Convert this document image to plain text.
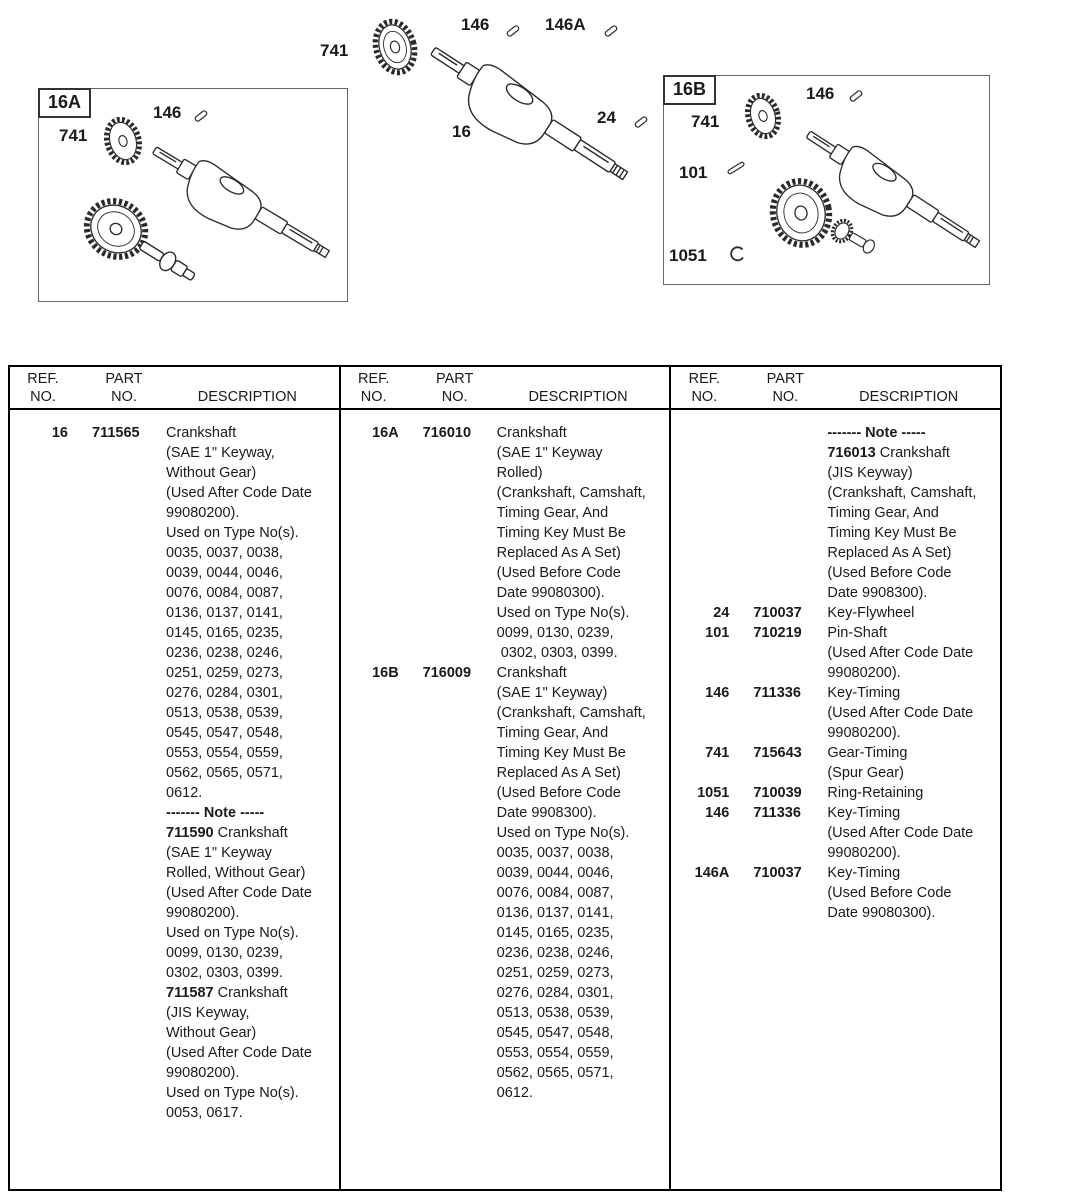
741
146	146A
16
24
16A
741
146
16B	146
741
101
1051
REF.
NO.
PART
NO.	DESCRIPTION
16 711565	Crankshaft
(SAE 1" Keyway,
Without Gear)
(Used After Code Date
99080200).
Used on Type No(s).
0035, 0037, 0038,
0039, 0044, 0046,
0076, 0084, 0087,
0136, 0137, 0141,
0145, 0165, 0235,
0236, 0238, 0246,
0251, 0259, 0273,
0276, 0284, 0301,
0513, 0538, 0539,
0545, 0547, 0548,
0553, 0554, 0559,
0562, 0565, 0571,
0612.
------- Note -----
711590 Crankshaft
(SAE 1" Keyway
Rolled, Without Gear)
(Used After Code Date
99080200).
Used on Type No(s).
0099, 0130, 0239,
0302, 0303, 0399.
711587 Crankshaft
(JIS Keyway,
Without Gear)
(Used After Code Date
99080200).
Used on Type No(s).
0053, 0617.
REF.
NO.
PART
NO.	DESCRIPTION
16A 716010	Crankshaft
(SAE 1" Keyway
Rolled)
(Crankshaft, Camshaft,
Timing Gear, And
Timing Key Must Be
Replaced As A Set)
(Used Before Code
Date 99080300).
Used on Type No(s).
0099, 0130, 0239,
0302, 0303, 0399.
16B 716009	Crankshaft
(SAE 1" Keyway)
(Crankshaft, Camshaft,
Timing Gear, And
Timing Key Must Be
Replaced As A Set)
(Used Before Code
Date 9908300).
Used on Type No(s).
0035, 0037, 0038,
0039, 0044, 0046,
0076, 0084, 0087,
0136, 0137, 0141,
0145, 0165, 0235,
0236, 0238, 0246,
0251, 0259, 0273,
0276, 0284, 0301,
0513, 0538, 0539,
0545, 0547, 0548,
0553, 0554, 0559,
0562, 0565, 0571,
0612.
REF.
NO.
PART
NO.	DESCRIPTION
------- Note -----
716013 Crankshaft
(JIS Keyway)
(Crankshaft, Camshaft,
Timing Gear, And
Timing Key Must Be
Replaced As A Set)
(Used Before Code
Date 9908300).
24 710037	Key-Flywheel
101 710219	Pin-Shaft
(Used After Code Date
99080200).
146 711336	Key-Timing
(Used After Code Date
99080200).
741 715643	Gear-Timing
(Spur Gear)
1051 710039	Ring-Retaining
146 711336	Key-Timing
(Used After Code Date
99080200).
146A 710037	Key-Timing
(Used Before Code
Date 99080300).
